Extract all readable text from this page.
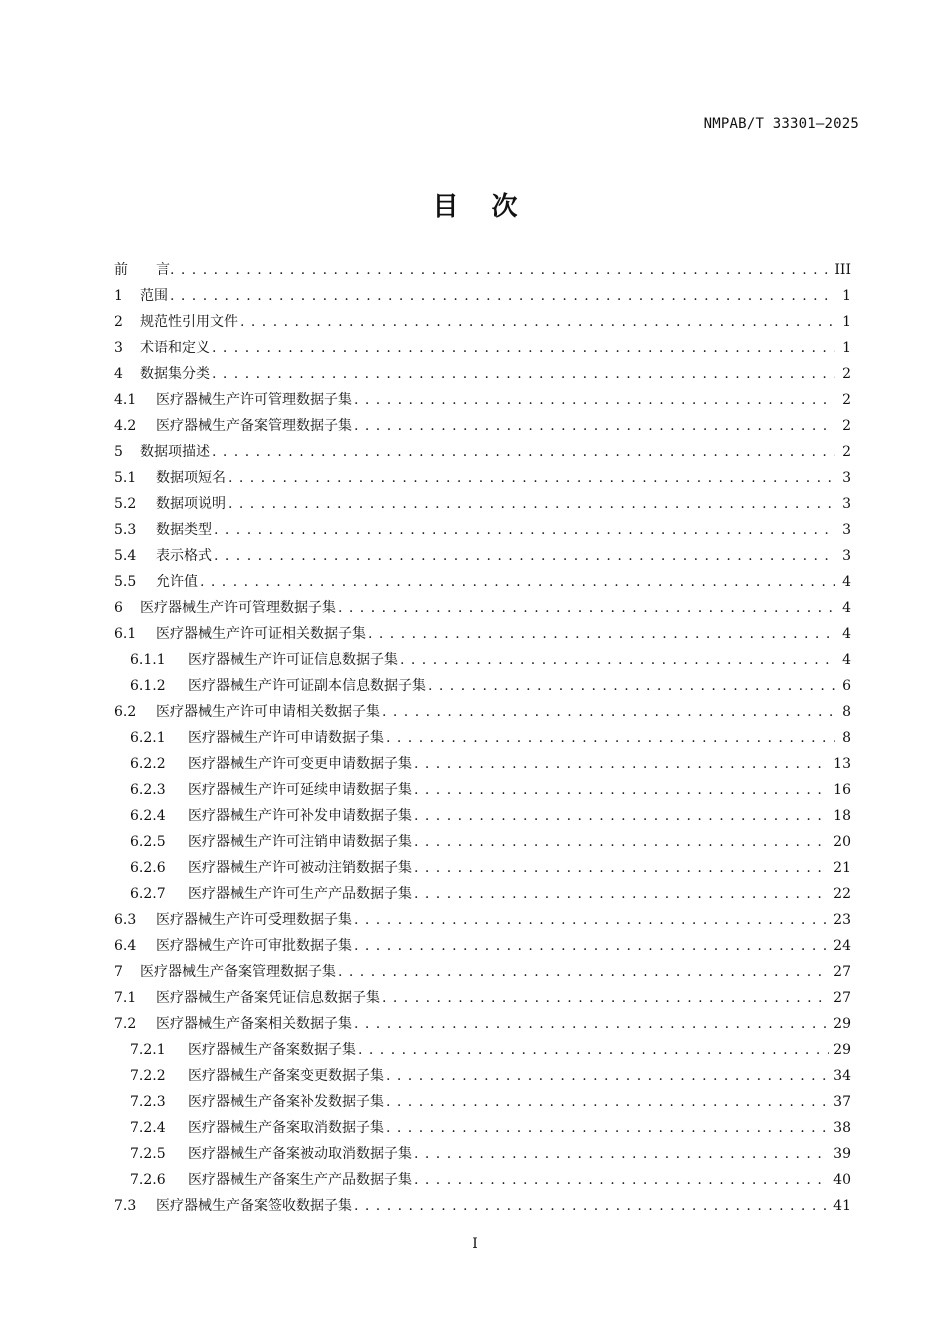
NMPAB/T 33301—2025
目 次
前　　言 . . .	III
1	范围 . . .	1
2	规范性引用文件 . . .	1
3	术语和定义 . . .	1
4	数据集分类 . . .	2
4.1	医疗器械生产许可管理数据子集 . . .	2
4.2	医疗器械生产备案管理数据子集 . . .	2
5	数据项描述 . . .	2
5.1	数据项短名 . . .	3
5.2	数据项说明 . . .	3
5.3	数据类型 . . .	3
5.4	表示格式 . . .	3
5.5	允许值 . . .	4
6	医疗器械生产许可管理数据子集 . . .	4
6.1	医疗器械生产许可证相关数据子集 . . .	4
6.1.1	医疗器械生产许可证信息数据子集 . . .	4
6.1.2	医疗器械生产许可证副本信息数据子集 . . .	6
6.2	医疗器械生产许可申请相关数据子集 . . .	8
6.2.1	医疗器械生产许可申请数据子集 . . .	8
6.2.2	医疗器械生产许可变更申请数据子集 . . .	13
6.2.3	医疗器械生产许可延续申请数据子集 . . .	16
6.2.4	医疗器械生产许可补发申请数据子集 . . .	18
6.2.5	医疗器械生产许可注销申请数据子集 . . .	20
6.2.6	医疗器械生产许可被动注销数据子集 . . .	21
6.2.7	医疗器械生产许可生产产品数据子集 . . .	22
6.3	医疗器械生产许可受理数据子集 . . .	23
6.4	医疗器械生产许可审批数据子集 . . .	24
7	医疗器械生产备案管理数据子集 . . .	27
7.1	医疗器械生产备案凭证信息数据子集 . . .	27
7.2	医疗器械生产备案相关数据子集 . . .	29
7.2.1	医疗器械生产备案数据子集 . . .	29
7.2.2	医疗器械生产备案变更数据子集 . . .	34
7.2.3	医疗器械生产备案补发数据子集 . . .	37
7.2.4	医疗器械生产备案取消数据子集 . . .	38
7.2.5	医疗器械生产备案被动取消数据子集 . . .	39
7.2.6	医疗器械生产备案生产产品数据子集 . . .	40
7.3	医疗器械生产备案签收数据子集 . . .	41
I
